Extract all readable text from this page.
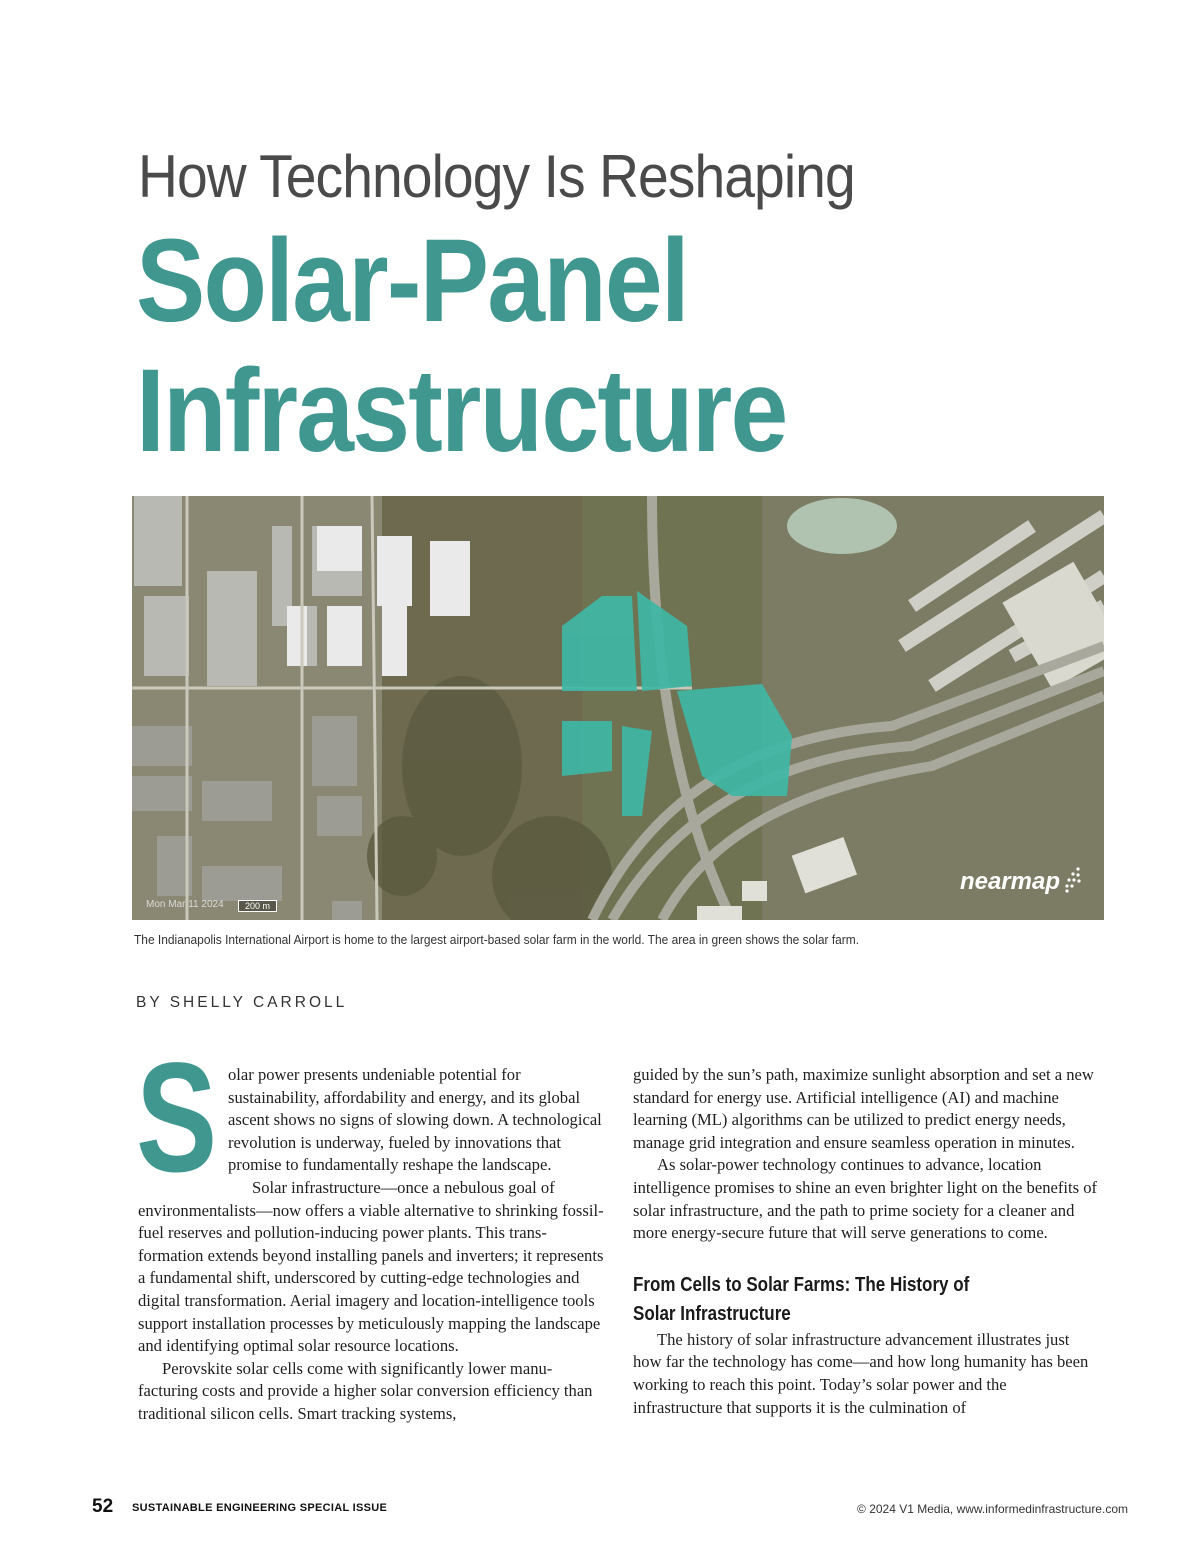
How Technology Is Reshaping
Solar-Panel
Infrastructure
Mon Mar 11 2024	200 m
nearmap
The Indianapolis International Airport is home to the largest airport-based solar farm in the world. The area in green shows the solar farm.
BY SHELLY CARROLL
S olar power presents undeniable potential for sustainability, affordability and energy, and its global ascent shows no signs of slowing down. A technological revolution is underway, fueled by innovations that promise to fundamentally reshape the landscape.

Solar infrastructure—once a nebulous goal of environmentalists—now offers a viable alternative to shrinking fossil-fuel reserves and pollution-inducing power plants. This transformation extends beyond installing panels and inverters; it represents a fundamental shift, underscored by cutting-edge technologies and digital transformation. Aerial imagery and location-intelligence tools support installation processes by meticulously mapping the landscape and identifying optimal solar resource locations.

Perovskite solar cells come with significantly lower manufacturing costs and provide a higher solar conversion efficiency than traditional silicon cells. Smart tracking systems,

guided by the sun’s path, maximize sunlight absorption and set a new standard for energy use. Artificial intelligence (AI) and machine learning (ML) algorithms can be utilized to predict energy needs, manage grid integration and ensure seamless operation in minutes.

As solar-power technology continues to advance, location intelligence promises to shine an even brighter light on the benefits of solar infrastructure, and the path to prime society for a cleaner and more energy-secure future that will serve generations to come.

From Cells to Solar Farms: The History of
Solar Infrastructure

The history of solar infrastructure advancement illustrates just how far the technology has come—and how long humanity has been working to reach this point. Today’s solar power and the infrastructure that supports it is the culmination of

52 SUSTAINABLE ENGINEERING SPECIAL ISSUE	© 2024 V1 Media, www.informedinfrastructure.com
